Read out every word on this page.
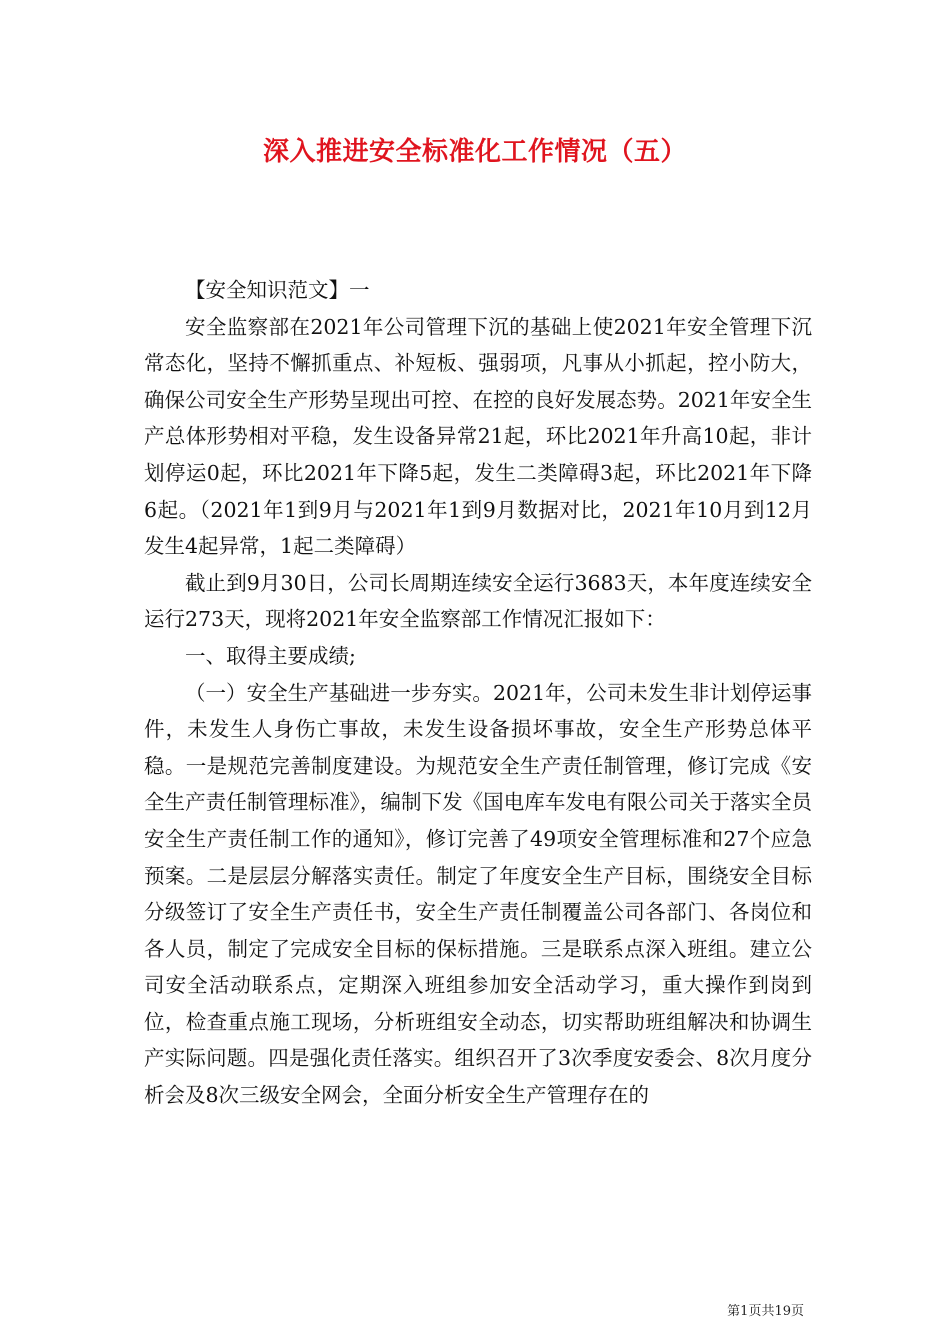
深入推进安全标准化工作情况（五）

【安全知识范文】一

安全监察部在2021年公司管理下沉的基础上使2021年安全管理下沉常态化，坚持不懈抓重点、补短板、强弱项，凡事从小抓起，控小防大，确保公司安全生产形势呈现出可控、在控的良好发展态势。2021年安全生产总体形势相对平稳，发生设备异常21起，环比2021年升高10起，非计划停运0起，环比2021年下降5起，发生二类障碍3起，环比2021年下降6起。（2021年1到9月与2021年1到9月数据对比，2021年10月到12月发生4起异常，1起二类障碍）

截止到9月30日，公司长周期连续安全运行3683天，本年度连续安全运行273天，现将2021年安全监察部工作情况汇报如下：

一、取得主要成绩;

（一）安全生产基础进一步夯实。2021年，公司未发生非计划停运事件，未发生人身伤亡事故，未发生设备损坏事故，安全生产形势总体平稳。一是规范完善制度建设。为规范安全生产责任制管理，修订完成《安全生产责任制管理标准》，编制下发《国电库车发电有限公司关于落实全员安全生产责任制工作的通知》，修订完善了49项安全管理标准和27个应急预案。二是层层分解落实责任。制定了年度安全生产目标，围绕安全目标分级签订了安全生产责任书，安全生产责任制覆盖公司各部门、各岗位和各人员，制定了完成安全目标的保标措施。三是联系点深入班组。建立公司安全活动联系点，定期深入班组参加安全活动学习，重大操作到岗到位，检查重点施工现场，分析班组安全动态，切实帮助班组解决和协调生产实际问题。四是强化责任落实。组织召开了3次季度安委会、8次月度分析会及8次三级安全网会，全面分析安全生产管理存在的

第1页共19页
